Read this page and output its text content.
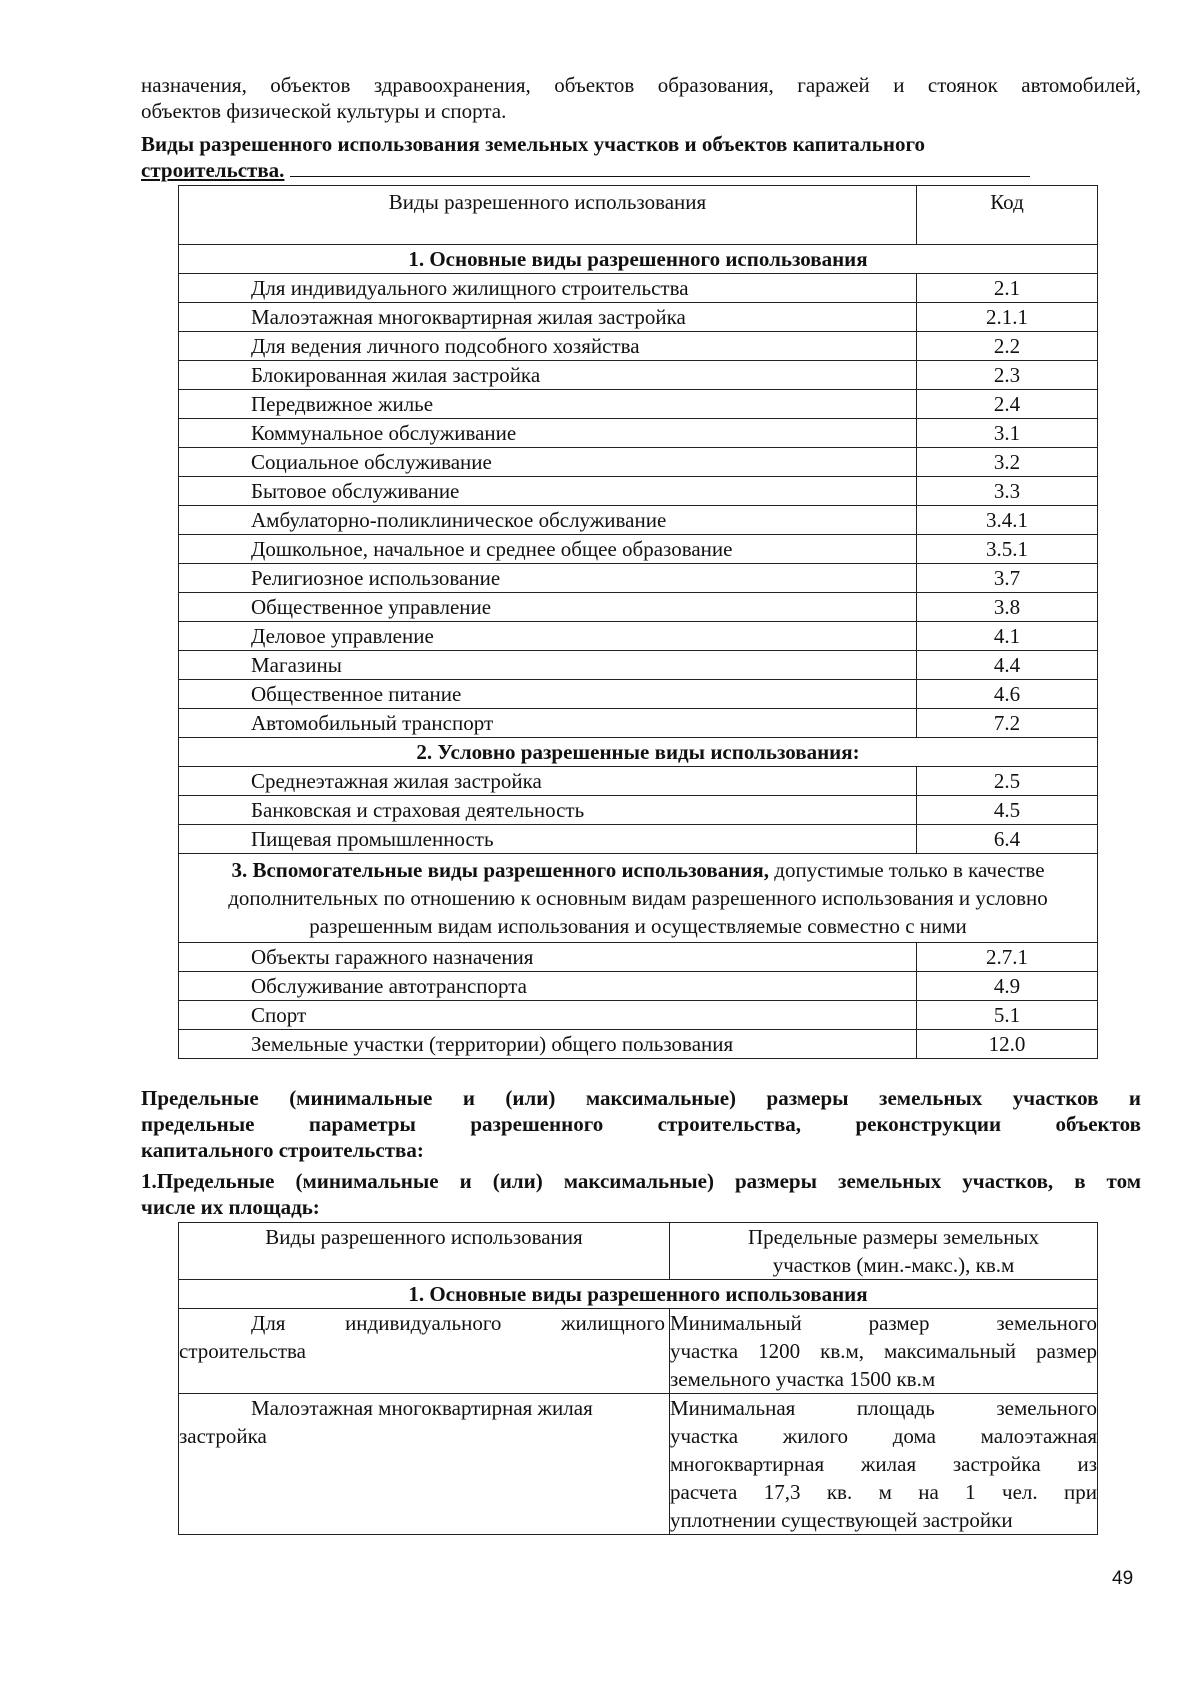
назначения, объектов здравоохранения, объектов образования, гаражей и стоянок автомобилей,
объектов физической культуры и спорта.
Виды разрешенного использования земельных участков и объектов капитального
строительства.
Виды разрешенного использования	Код
1. Основные виды разрешенного использования	
Для индивидуального жилищного строительства	2.1
Малоэтажная многоквартирная жилая застройка	2.1.1
Для ведения личного подсобного хозяйства	2.2
Блокированная жилая застройка	2.3
Передвижное жилье	2.4
Коммунальное обслуживание	3.1
Социальное обслуживание	3.2
Бытовое обслуживание	3.3
Амбулаторно-поликлиническое обслуживание	3.4.1
Дошкольное, начальное и среднее общее образование	3.5.1
Религиозное использование	3.7
Общественное управление	3.8
Деловое управление	4.1
Магазины	4.4
Общественное питание	4.6
Автомобильный транспорт	7.2
2. Условно разрешенные виды использования:	
Среднеэтажная жилая застройка	2.5
Банковская и страховая деятельность	4.5
Пищевая промышленность	6.4
3. Вспомогательные виды разрешенного использования, допустимые только в качестве дополнительных по отношению к основным видам разрешенного использования и условно разрешенным видам использования и осуществляемые совместно с ними	
Объекты гаражного назначения	2.7.1
Обслуживание автотранспорта	4.9
Спорт	5.1
Земельные участки (территории) общего пользования	12.0
Предельные (минимальные и (или) максимальные) размеры земельных участков и
предельные параметры разрешенного строительства, реконструкции объектов
капитального строительства:
1.Предельные (минимальные и (или) максимальные) размеры земельных участков, в том
числе их площадь:
Виды разрешенного использования	Предельные размеры земельных
участков (мин.-макс.), кв.м

1. Основные виды разрешенного использования	

Для индивидуального жилищного
строительства	Минимальный размер земельного
участка 1200 кв.м, максимальный размер
земельного участка 1500 кв.м

Малоэтажная многоквартирная жилая
застройка	Минимальная площадь земельного
участка жилого дома малоэтажная
многоквартирная жилая застройка из
расчета 17,3 кв. м на 1 чел. при
уплотнении существующей застройки
49
